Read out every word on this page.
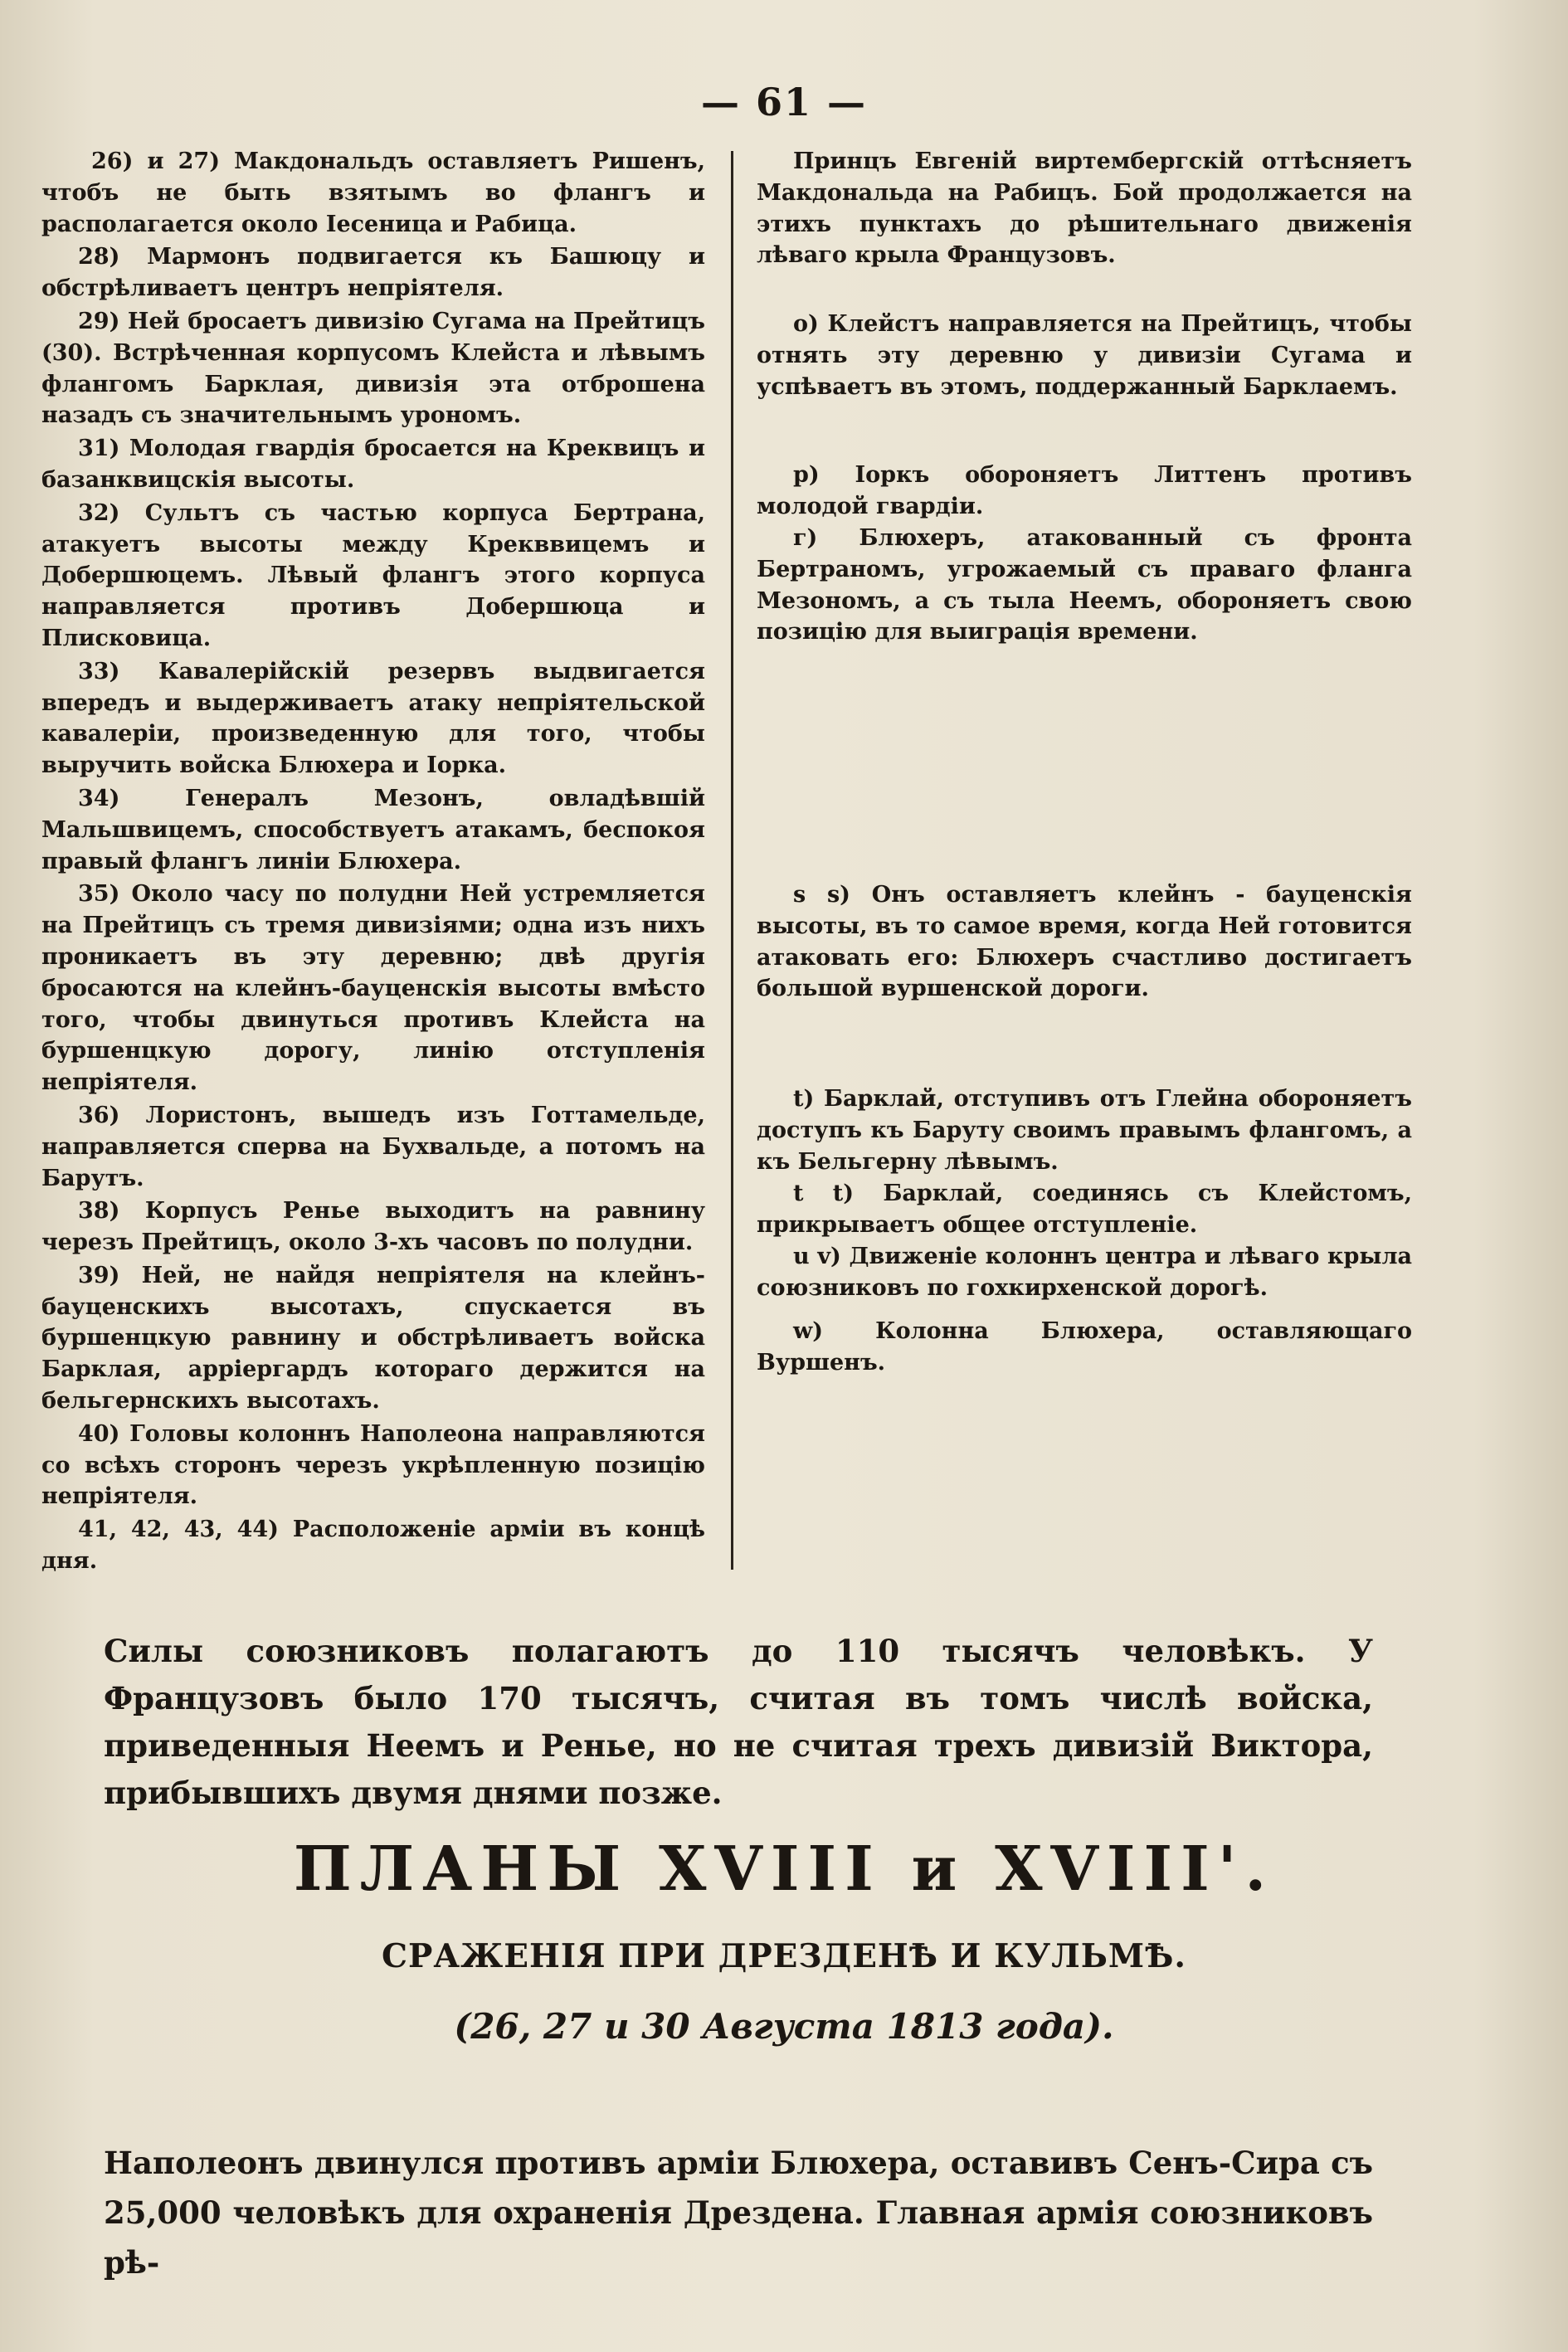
— 61 —

26) и 27) Макдональдъ оставляетъ Ришенъ, чтобъ не быть взятымъ во флангъ и располагается около Іесеница и Рабица.

28) Мармонъ подвигается къ Башюцу и обстрѣливаетъ центръ непріятеля.

29) Ней бросаетъ дивизію Сугама на Прейтицъ (30). Встрѣченная корпусомъ Клейста и лѣвымъ флангомъ Барклая, дивизія эта отброшена назадъ съ значительнымъ урономъ.

31) Молодая гвардія бросается на Креквицъ и базанквицскія высоты.

32) Сультъ съ частью корпуса Бертрана, атакуетъ высоты между Крекввицемъ и Добершюцемъ. Лѣвый флангъ этого корпуса направляется противъ Добершюца и Плисковица.

33) Кавалерійскій резервъ выдвигается впередъ и выдерживаетъ атаку непріятельской кавалеріи, произведенную для того, чтобы выручить войска Блюхера и Іорка.

34) Генералъ Мезонъ, овладѣвшій Мальшвицемъ, способствуетъ атакамъ, беспокоя правый флангъ линіи Блюхера.

35) Около часу по полудни Ней устремляется на Прейтицъ съ тремя дивизіями; одна изъ нихъ проникаетъ въ эту деревню; двѣ другія бросаются на клейнъ-бауценскія высоты вмѣсто того, чтобы двинуться противъ Клейста на буршенцкую дорогу, линію отступленія непріятеля.

36) Лористонъ, вышедъ изъ Готтамельде, направляется сперва на Бухвальде, а потомъ на Барутъ.

38) Корпусъ Ренье выходитъ на равнину черезъ Прейтицъ, около 3-хъ часовъ по полудни.

39) Ней, не найдя непріятеля на клейнъ-бауценскихъ высотахъ, спускается въ буршенцкую равнину и обстрѣливаетъ войска Барклая, арріергардъ котораго держится на бельгернскихъ высотахъ.

40) Головы колоннъ Наполеона направляются со всѣхъ сторонъ черезъ укрѣпленную позицію непріятеля.

41, 42, 43, 44) Расположеніе арміи въ концѣ дня.

Принцъ Евгеній виртембергскій оттѣсняетъ Макдональда на Рабицъ. Бой продолжается на этихъ пунктахъ до рѣшительнаго движенія лѣваго крыла Французовъ.

о) Клейстъ направляется на Прейтицъ, чтобы отнять эту деревню у дивизіи Сугама и успѣваетъ въ этомъ, поддержанный Барклаемъ.

р) Іоркъ обороняетъ Литтенъ противъ молодой гвардіи.

г) Блюхеръ, атакованный съ фронта Бертраномъ, угрожаемый съ праваго фланга Мезономъ, а съ тыла Неемъ, обороняетъ свою позицію для выиграція времени.

s s) Онъ оставляетъ клейнъ - бауценскія высоты, въ то самое время, когда Ней готовится атаковать его: Блюхеръ счастливо достигаетъ большой вуршенской дороги.

t) Барклай, отступивъ отъ Глейна обороняетъ доступъ къ Баруту своимъ правымъ флангомъ, а къ Бельгерну лѣвымъ.

t t) Барклай, соединясь съ Клейстомъ, прикрываетъ общее отступленіе.

u v) Движеніе колоннъ центра и лѣваго крыла союзниковъ по гохкирхенской дорогѣ.

w) Колонна Блюхера, оставляющаго Вуршенъ.

Силы союзниковъ полагаютъ до 110 тысячъ человѣкъ. У Французовъ было 170 тысячъ, считая въ томъ числѣ войска, приведенныя Неемъ и Ренье, но не считая трехъ дивизій Виктора, прибывшихъ двумя днями позже.

ПЛАНЫ XVIII и XVIII'.
СРАЖЕНІЯ ПРИ ДРЕЗДЕНѢ И КУЛЬМѢ.
(26, 27 и 30 Августа 1813 года).

Наполеонъ двинулся противъ арміи Блюхера, оставивъ Сенъ-Сира съ 25,000 человѣкъ для охраненія Дрездена. Главная армія союзниковъ рѣ-
